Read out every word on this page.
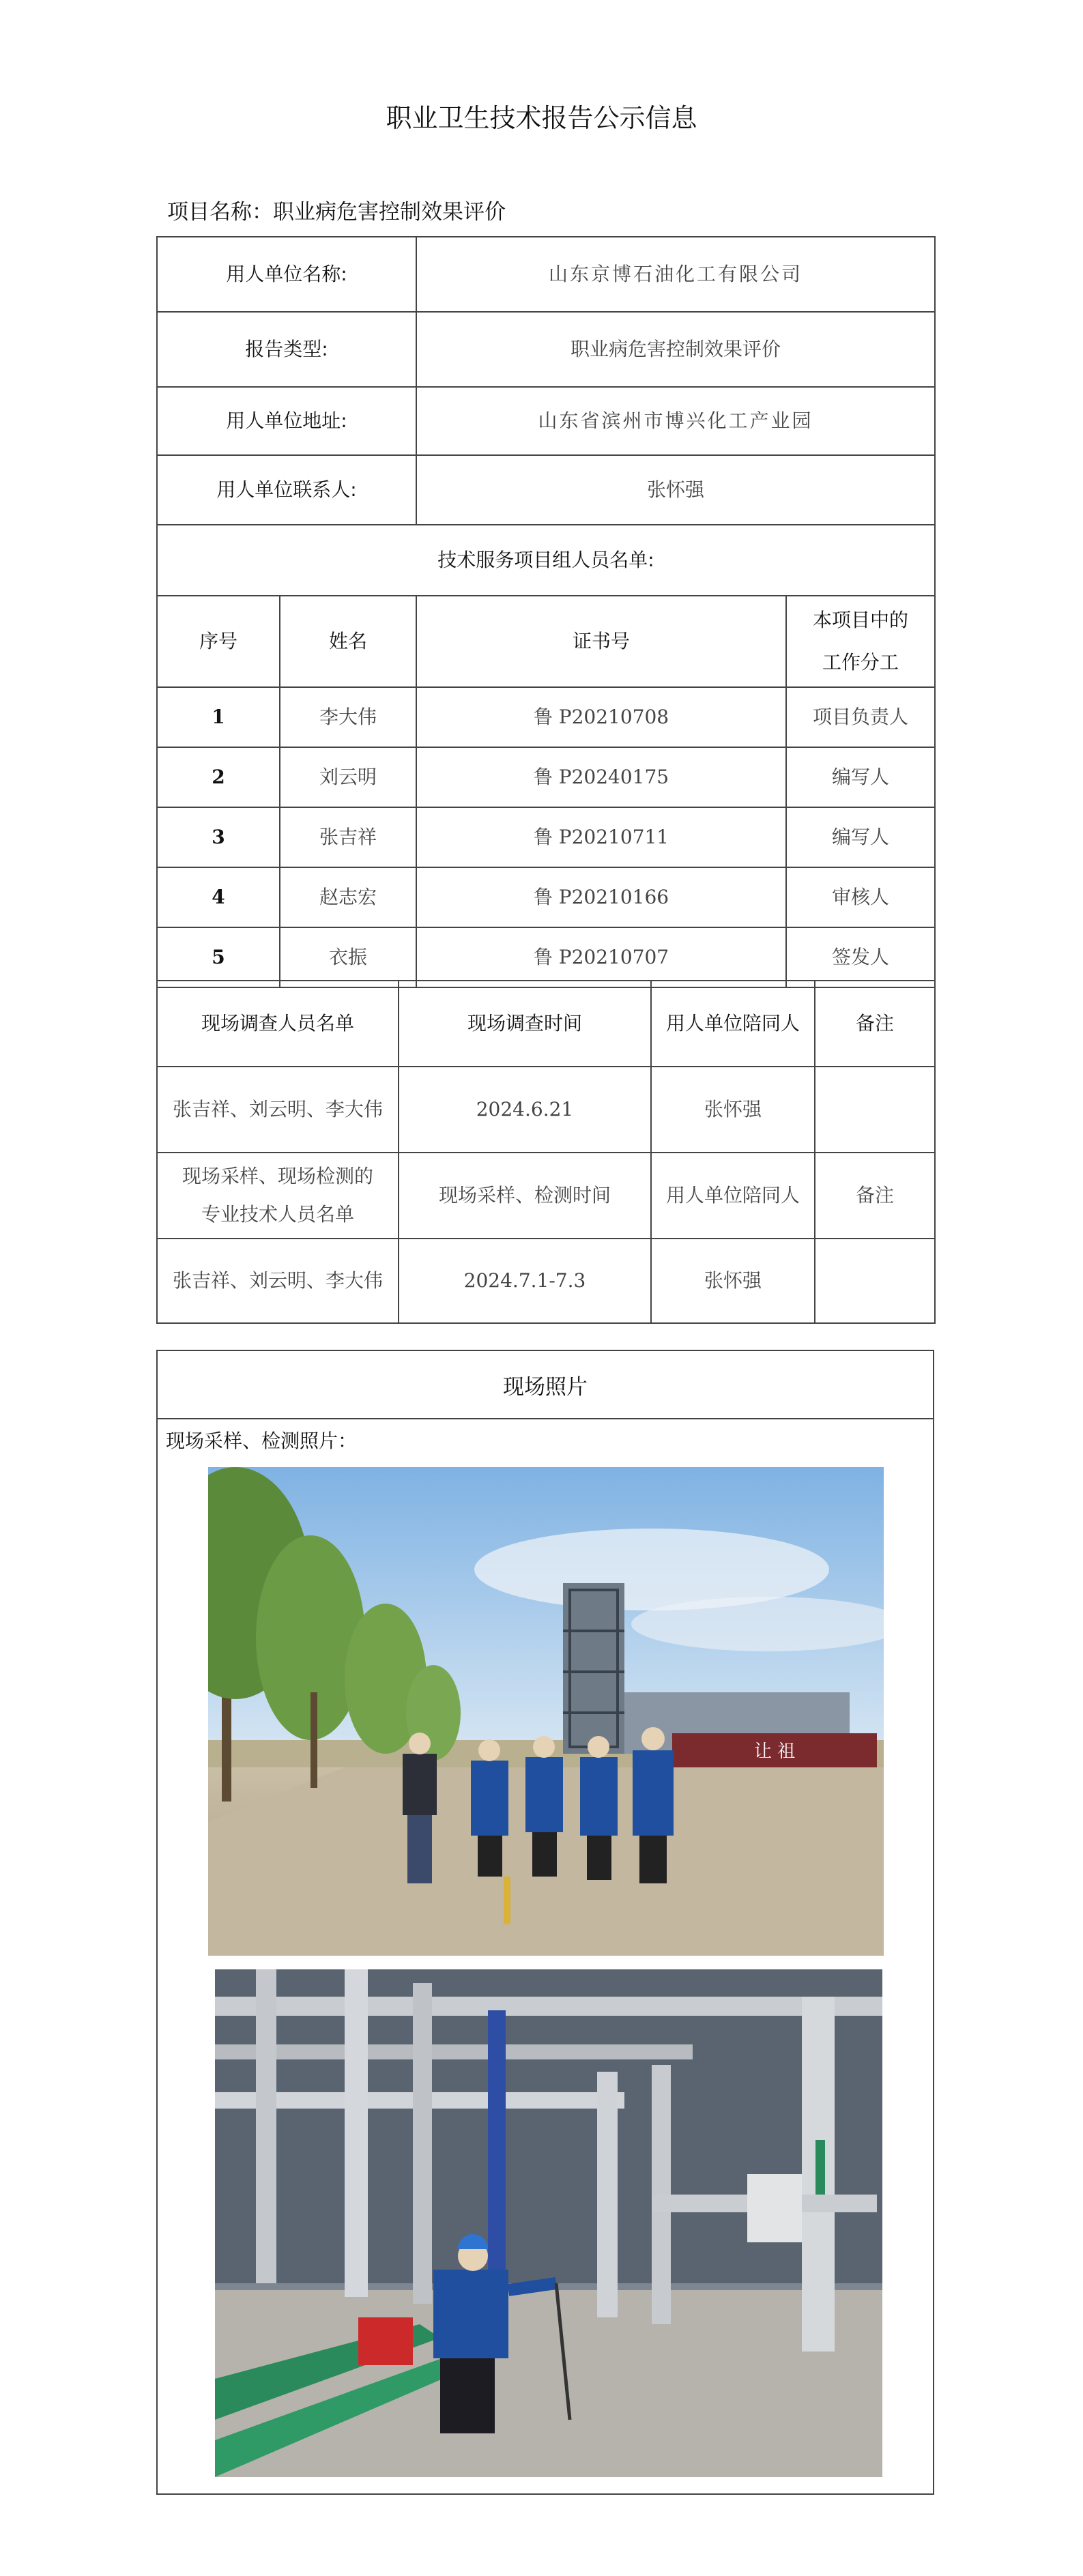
职业卫生技术报告公示信息
项目名称：职业病危害控制效果评价
用人单位名称:		山东京博石油化工有限公司	
报告类型:		职业病危害控制效果评价	
用人单位地址:		山东省滨州市博兴化工产业园	
用人单位联系人:		张怀强	
技术服务项目组人员名单:			
序号	姓名	证书号	本项目中的
工作分工

1	李大伟	鲁 P20210708	项目负责人
2	刘云明	鲁 P20240175	编写人
3	张吉祥	鲁 P20210711	编写人
4	赵志宏	鲁 P20210166	审核人
5	衣振	鲁 P20210707	签发人
现场调查人员名单	现场调查时间	用人单位陪同人	备注
张吉祥、刘云明、李大伟	2024.6.21	张怀强	

现场采样、现场检测的
专业技术人员名单	现场采样、检测时间	用人单位陪同人	备注
张吉祥、刘云明、李大伟	2024.7.1-7.3	张怀强	
现场照片
现场采样、检测照片：
让 祖
